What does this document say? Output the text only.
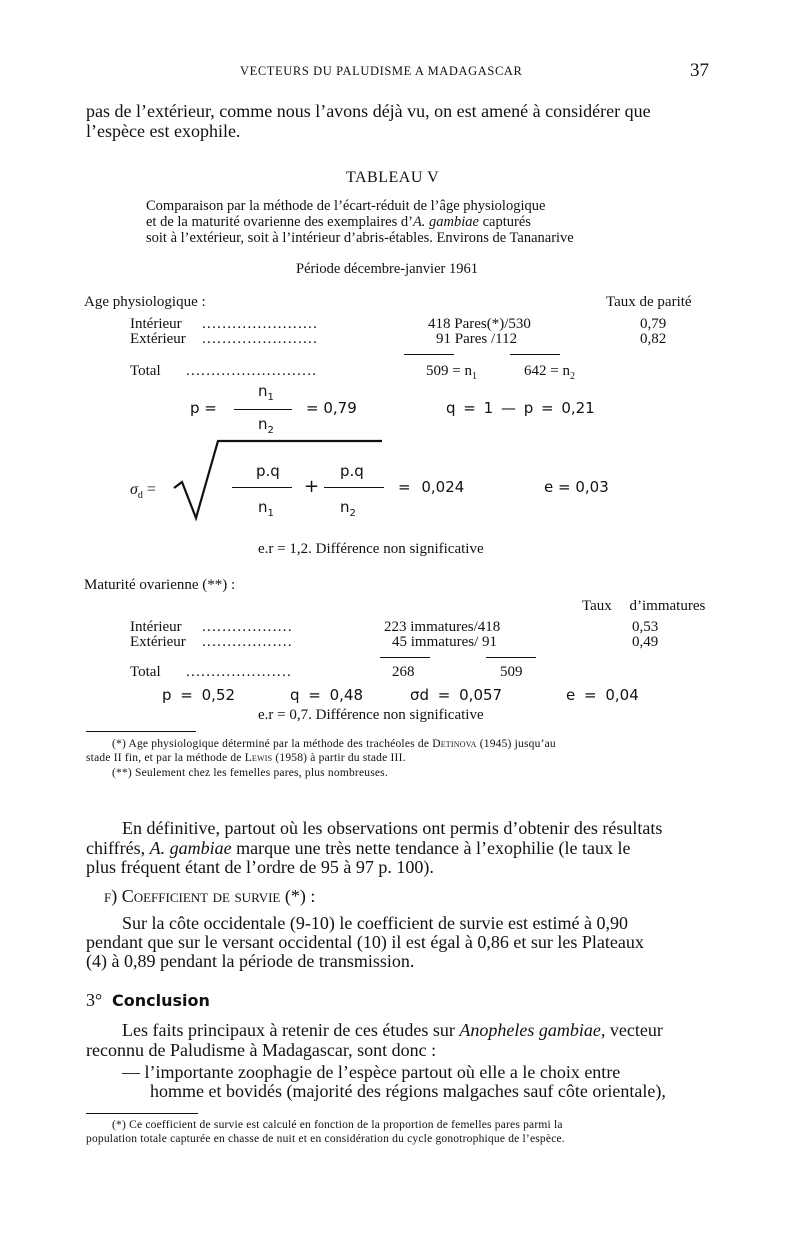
VECTEURS DU PALUDISME A MADAGASCAR	37
pas de l’extérieur, comme nous l’avons déjà vu, on est amené à considérer que
l’espèce est exophile.
TABLEAU V
Comparaison par la méthode de l’écart-réduit de l’âge physiologique
et de la maturité ovarienne des exemplaires d’A. gambiae capturés
soit à l’extérieur, soit à l’intérieur d’abris-étables. Environs de Tananarive
Période décembre-janvier 1961
Age physiologique :	Taux de parité
Intérieur .......................	418 Pares(*)/530	0,79
Extérieur .......................	91 Pares /112	0,82
Total ..........................	$509 = n_1$	$642 = n_2$
$n_1$
p =	= 0,79
$n_2$
q = 1 — p = 0,21
$\sigma_d$ =
p.q	p.q
+
$n_1$	$n_2$
= 0,024	e = 0,03
e.r = 1,2. Différence non significative
Maturité ovarienne (**) :
Taux d’immatures
Intérieur ..................	223 immatures/418	0,53
Extérieur ..................	45 immatures/ 91	0,49
Total .....................	268	509
p = 0,52	q = 0,48	σd = 0,057	e = 0,04
e.r = 0,7. Différence non significative
(*) Age physiologique déterminé par la méthode des trachéoles de Detinova (1945) jusqu’au
stade II fin, et par la méthode de Lewis (1958) à partir du stade III.
(**) Seulement chez les femelles pares, plus nombreuses.
En définitive, partout où les observations ont permis d’obtenir des résultats
chiffrés, A. gambiae marque une très nette tendance à l’exophilie (le taux le
plus fréquent étant de l’ordre de 95 à 97 p. 100).
f) Coefficient de survie (*) :
Sur la côte occidentale (9-10) le coefficient de survie est estimé à 0,90
pendant que sur le versant occidental (10) il est égal à 0,86 et sur les Plateaux
(4) à 0,89 pendant la période de transmission.
3° Conclusion
Les faits principaux à retenir de ces études sur Anopheles gambiae, vecteur
reconnu de Paludisme à Madagascar, sont donc :
— l’importante zoophagie de l’espèce partout où elle a le choix entre
homme et bovidés (majorité des régions malgaches sauf côte orientale),
(*) Ce coefficient de survie est calculé en fonction de la proportion de femelles pares parmi la
population totale capturée en chasse de nuit et en considération du cycle gonotrophique de l’espèce.
